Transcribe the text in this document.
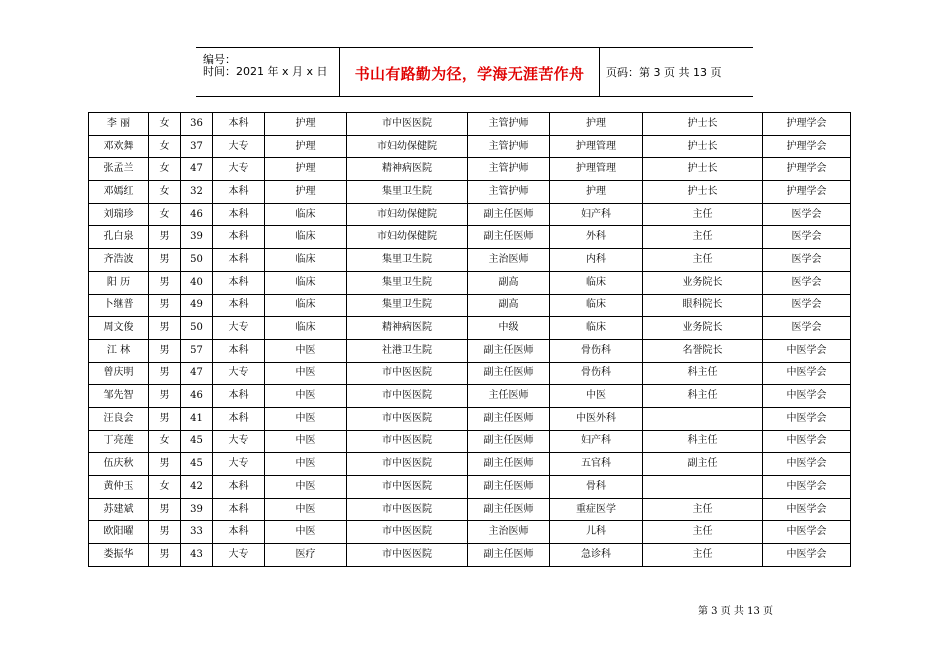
编号：
时间：2021 年 x 月 x 日	书山有路勤为径，学海无涯苦作舟	页码：第 3 页 共 13 页
李 丽	女	36	本科	护理	市中医医院	主管护师	护理	护士长	护理学会
邓欢舞	女	37	大专	护理	市妇幼保健院	主管护师	护理管理	护士长	护理学会
张孟兰	女	47	大专	护理	精神病医院	主管护师	护理管理	护士长	护理学会
邓嫣红	女	32	本科	护理	集里卫生院	主管护师	护理	护士长	护理学会
刘瑞珍	女	46	本科	临床	市妇幼保健院	副主任医师	妇产科	主任	医学会
孔白泉	男	39	本科	临床	市妇幼保健院	副主任医师	外科	主任	医学会
齐浩波	男	50	本科	临床	集里卫生院	主治医师	内科	主任	医学会
阳 历	男	40	本科	临床	集里卫生院	副高	临床	业务院长	医学会
卜继普	男	49	本科	临床	集里卫生院	副高	临床	眼科院长	医学会
周文俊	男	50	大专	临床	精神病医院	中级	临床	业务院长	医学会
江 林	男	57	本科	中医	社港卫生院	副主任医师	骨伤科	名誉院长	中医学会
曾庆明	男	47	大专	中医	市中医医院	副主任医师	骨伤科	科主任	中医学会
邹先智	男	46	本科	中医	市中医医院	主任医师	中医	科主任	中医学会
汪良会	男	41	本科	中医	市中医医院	副主任医师	中医外科		中医学会
丁亮莲	女	45	大专	中医	市中医医院	副主任医师	妇产科	科主任	中医学会
伍庆秋	男	45	大专	中医	市中医医院	副主任医师	五官科	副主任	中医学会
黄仲玉	女	42	本科	中医	市中医医院	副主任医师	骨科		中医学会
苏建斌	男	39	本科	中医	市中医医院	副主任医师	重症医学	主任	中医学会
欧阳曜	男	33	本科	中医	市中医医院	主治医师	儿科	主任	中医学会
娄振华	男	43	大专	医疗	市中医医院	副主任医师	急诊科	主任	中医学会
第 3 页 共 13 页
